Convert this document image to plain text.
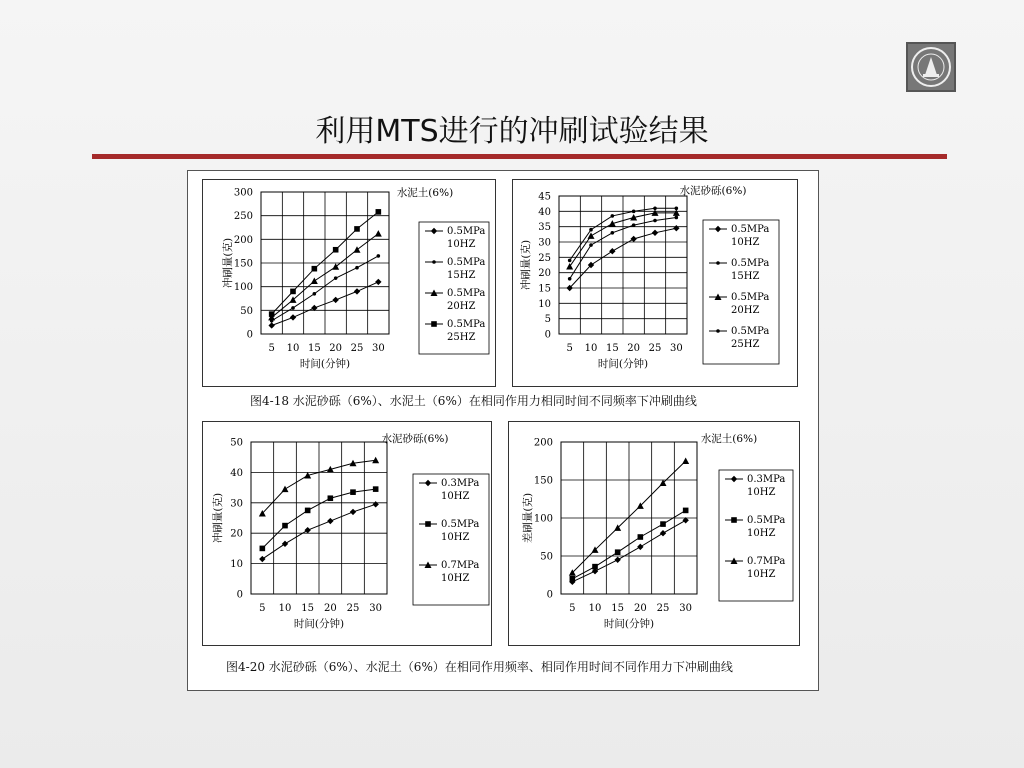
利用MTS进行的冲刷试验结果
0
50
100
150
200
250
300
5 10 15 20 25 30
时间(分钟)
冲刷量(克)
水泥土(6%)
0.5MPa
10HZ
0.5MPa
15HZ
0.5MPa
20HZ
0.5MPa
25HZ	0
5
10
15
20
25
30
35
40
45
5 10 15 20 25 30
时间(分钟)
冲刷量(克)
水泥砂砾(6%)
0.5MPa
10HZ
0.5MPa
15HZ
0.5MPa
20HZ
0.5MPa
25HZ
图4-18 水泥砂砾（6%）、水泥土（6%）在相同作用力相同时间不同频率下冲刷曲线
0
10
20
30
40
50
5 10 15 20 25 30
时间(分钟)
冲刷量(克)
水泥砂砾(6%)
0.3MPa
10HZ
0.5MPa
10HZ
0.7MPa
10HZ
0
50
100
150
200
5 10 15 20 25 30
时间(分钟)
差刷量(克)
水泥土(6%)
0.3MPa
10HZ
0.5MPa
10HZ
0.7MPa
10HZ
图4-20 水泥砂砾（6%）、水泥土（6%）在相同作用频率、相同作用时间不同作用力下冲刷曲线
